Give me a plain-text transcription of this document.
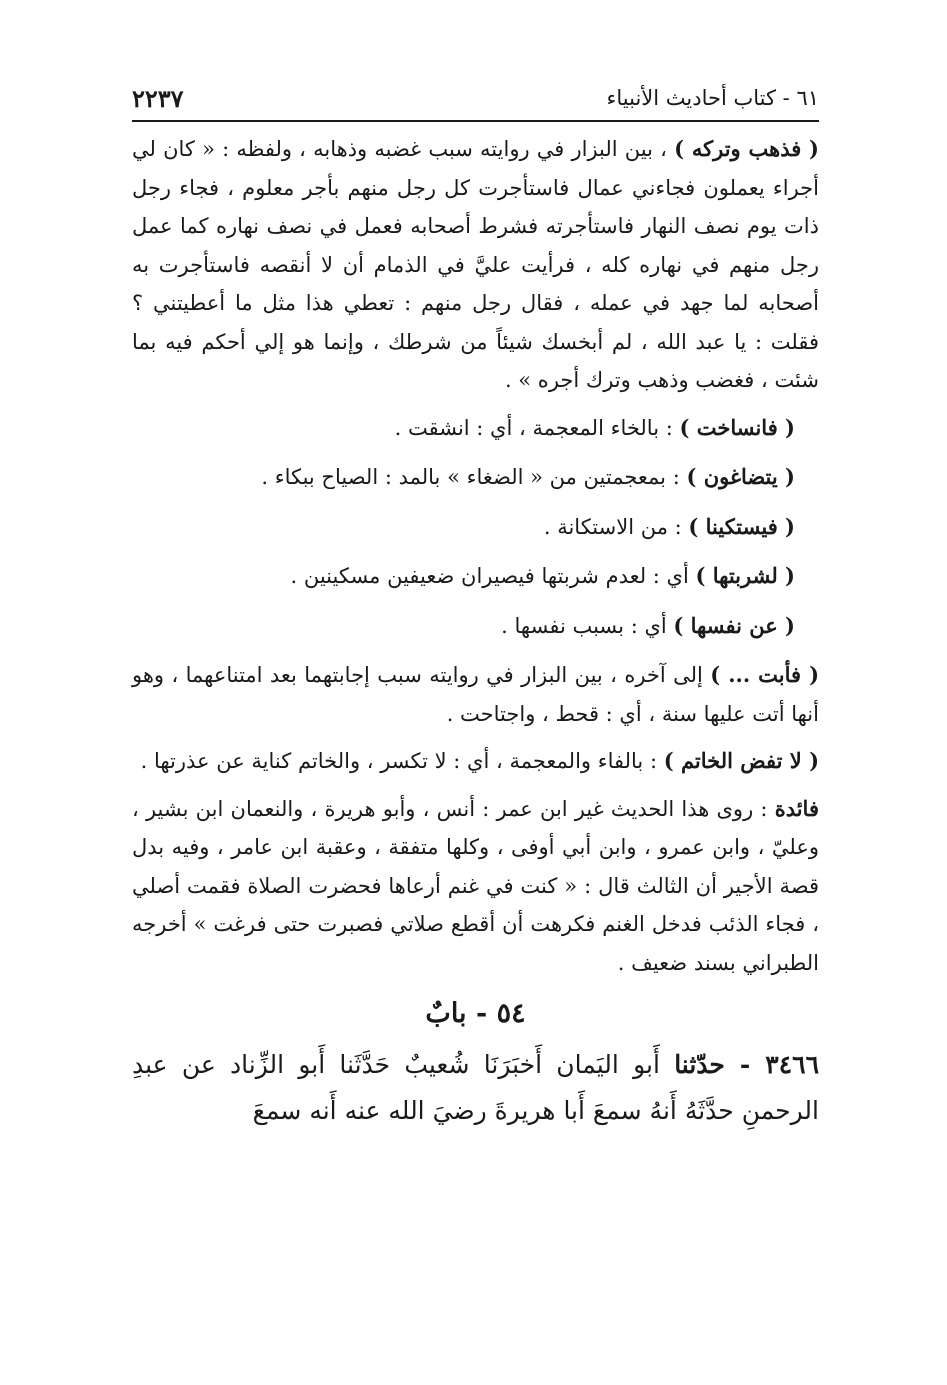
٦١ - كتاب أحاديث الأنبياء
٢٢٣٧

( فذهب وتركه ) ، بين البزار في روايته سبب غضبه وذهابه ، ولفظه : « كان لي أجراء يعملون فجاءني عمال فاستأجرت كل رجل منهم بأجر معلوم ، فجاء رجل ذات يوم نصف النهار فاستأجرته فشرط أصحابه فعمل في نصف نهاره كما عمل رجل منهم في نهاره كله ، فرأيت عليَّ في الذمام أن لا أنقصه فاستأجرت به أصحابه لما جهد في عمله ، فقال رجل منهم : تعطي هذا مثل ما أعطيتني ؟ فقلت : يا عبد الله ، لم أبخسك شيئاً من شرطك ، وإنما هو إلي أحكم فيه بما شئت ، فغضب وذهب وترك أجره » .

( فانساخت ) : بالخاء المعجمة ، أي : انشقت .

( يتضاغون ) : بمعجمتين من « الضغاء » بالمد : الصياح ببكاء .

( فيستكينا ) : من الاستكانة .

( لشربتها ) أي : لعدم شربتها فيصيران ضعيفين مسكينين .

( عن نفسها ) أي : بسبب نفسها .

( فأبت ... ) إلى آخره ، بين البزار في روايته سبب إجابتهما بعد امتناعهما ، وهو أنها أتت عليها سنة ، أي : قحط ، واجتاحت .

( لا تفض الخاتم ) : بالفاء والمعجمة ، أي : لا تكسر ، والخاتم كناية عن عذرتها .

فائدة : روى هذا الحديث غير ابن عمر : أنس ، وأبو هريرة ، والنعمان ابن بشير ، وعليّ ، وابن عمرو ، وابن أبي أوفى ، وكلها متفقة ، وعقبة ابن عامر ، وفيه بدل قصة الأجير أن الثالث قال : « كنت في غنم أرعاها فحضرت الصلاة فقمت أصلي ، فجاء الذئب فدخل الغنم فكرهت أن أقطع صلاتي فصبرت حتى فرغت » أخرجه الطبراني بسند ضعيف .

٥٤ - بابٌ

٣٤٦٦ - حدّثنا أَبو اليَمان أَخبَرَنَا شُعيبٌ حَدَّثَنا أَبو الزِّناد عن عبدِ الرحمنِ حدَّثَهُ أَنهُ سمعَ أَبا هريرةَ رضيَ الله عنه أَنه سمعَ
